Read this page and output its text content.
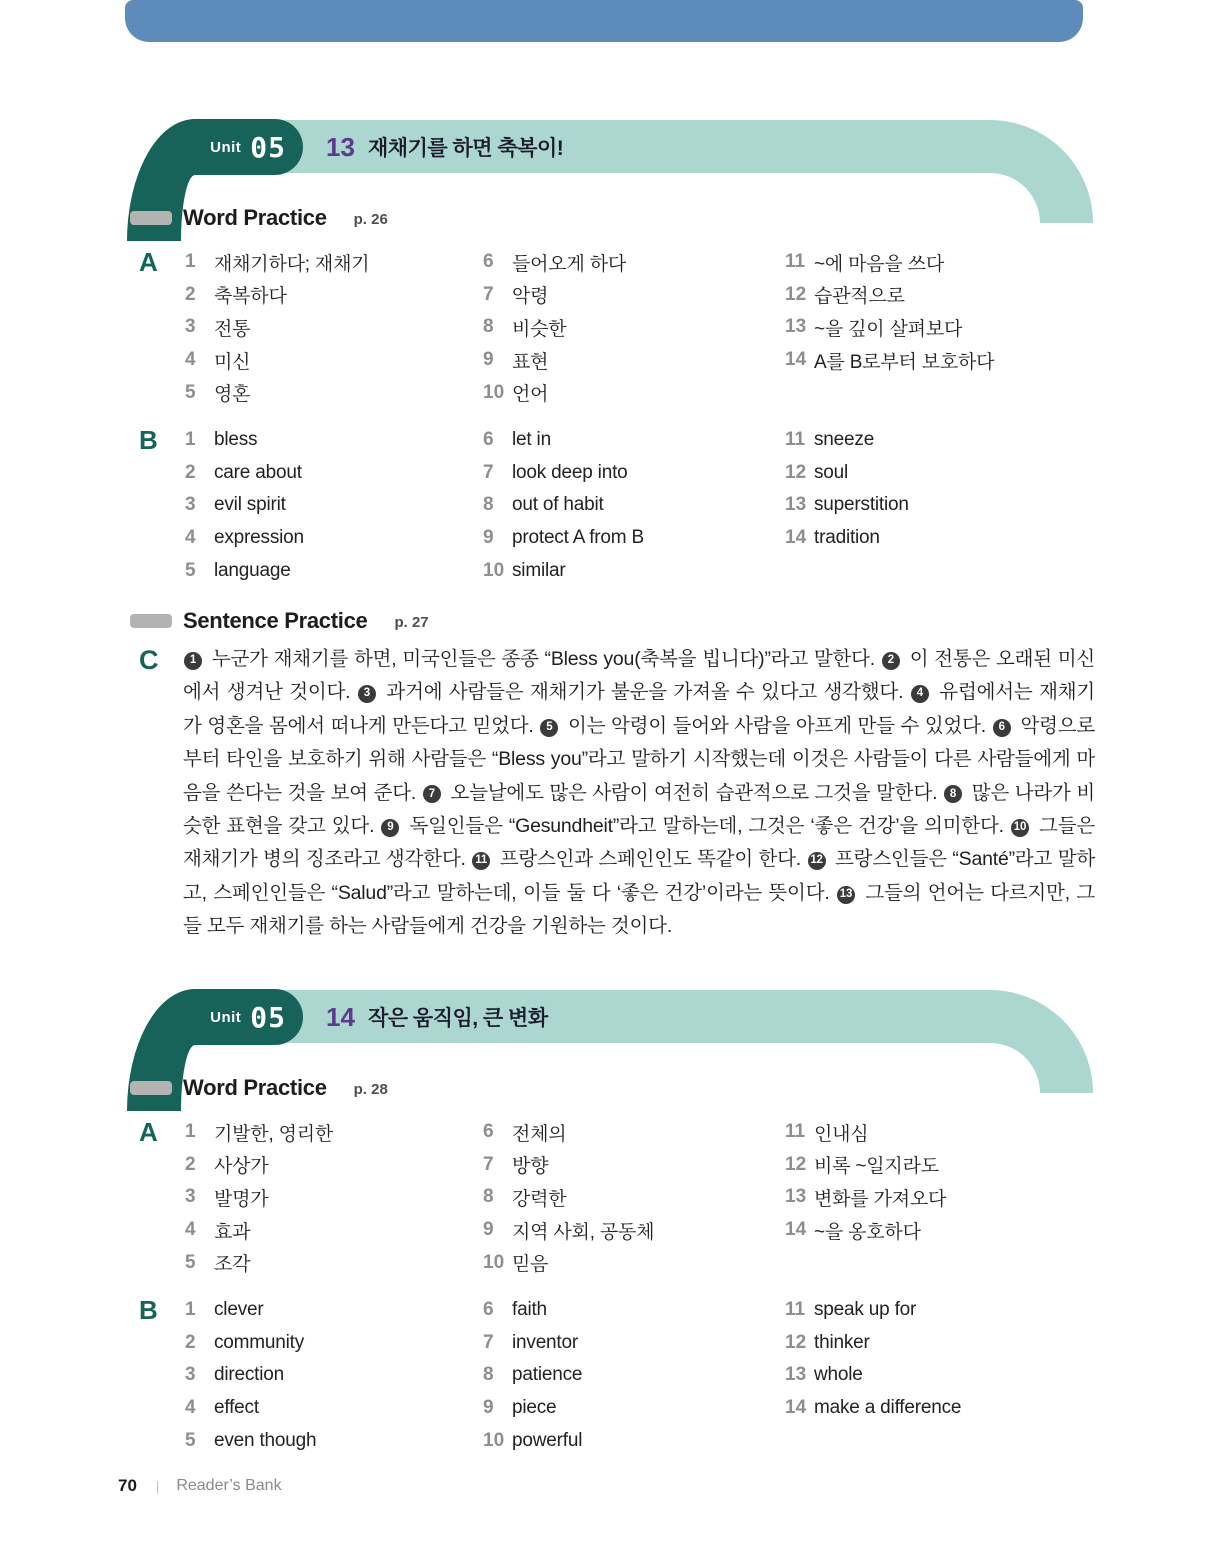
Unit 05 13 재채기를 하면 축복이!
Word Practice p. 26
A 1 재채기하다; 재채기
2 축복하다
3 전통
4 미신
5 영혼
6 들어오게 하다
7 악령
8 비슷한
9 표현
10 언어
11 ~에 마음을 쓰다
12 습관적으로
13 ~을 깊이 살펴보다
14 A를 B로부터 보호하다
B 1 bless
2 care about
3 evil spirit
4 expression
5 language
6 let in
7 look deep into
8 out of habit
9 protect A from B
10 similar
11 sneeze
12 soul
13 superstition
14 tradition
Sentence Practice p. 27
C	1 누군가 재채기를 하면, 미국인들은 종종 “Bless you(축복을 빕니다)”라고 말한다. 2 이 전통은 오래된 미신에서 생겨난 것이다. 3 과거에 사람들은 재채기가 불운을 가져올 수 있다고 생각했다. 4 유럽에서는 재채기가 영혼을 몸에서 떠나게 만든다고 믿었다. 5 이는 악령이 들어와 사람을 아프게 만들 수 있었다. 6 악령으로부터 타인을 보호하기 위해 사람들은 “Bless you”라고 말하기 시작했는데 이것은 사람들이 다른 사람들에게 마음을 쓴다는 것을 보여 준다. 7 오늘날에도 많은 사람이 여전히 습관적으로 그것을 말한다. 8 많은 나라가 비슷한 표현을 갖고 있다. 9 독일인들은 “Gesundheit”라고 말하는데, 그것은 ‘좋은 건강’을 의미한다. 10 그들은 재채기가 병의 징조라고 생각한다. 11 프랑스인과 스페인인도 똑같이 한다. 12 프랑스인들은 “Santé”라고 말하고, 스페인인들은 “Salud”라고 말하는데, 이들 둘 다 ‘좋은 건강’이라는 뜻이다. 13 그들의 언어는 다르지만, 그들 모두 재채기를 하는 사람들에게 건강을 기원하는 것이다.
Unit 05 14 작은 움직임, 큰 변화
Word Practice p. 28
A 1 기발한, 영리한
2 사상가
3 발명가
4 효과
5 조각
6 전체의
7 방향
8 강력한
9 지역 사회, 공동체
10 믿음
11 인내심
12 비록 ~일지라도
13 변화를 가져오다
14 ~을 옹호하다
B 1 clever
2 community
3 direction
4 effect
5 even though
6 faith
7 inventor
8 patience
9 piece
10 powerful
11 speak up for
12 thinker
13 whole
14 make a difference
70 | Reader’s Bank
